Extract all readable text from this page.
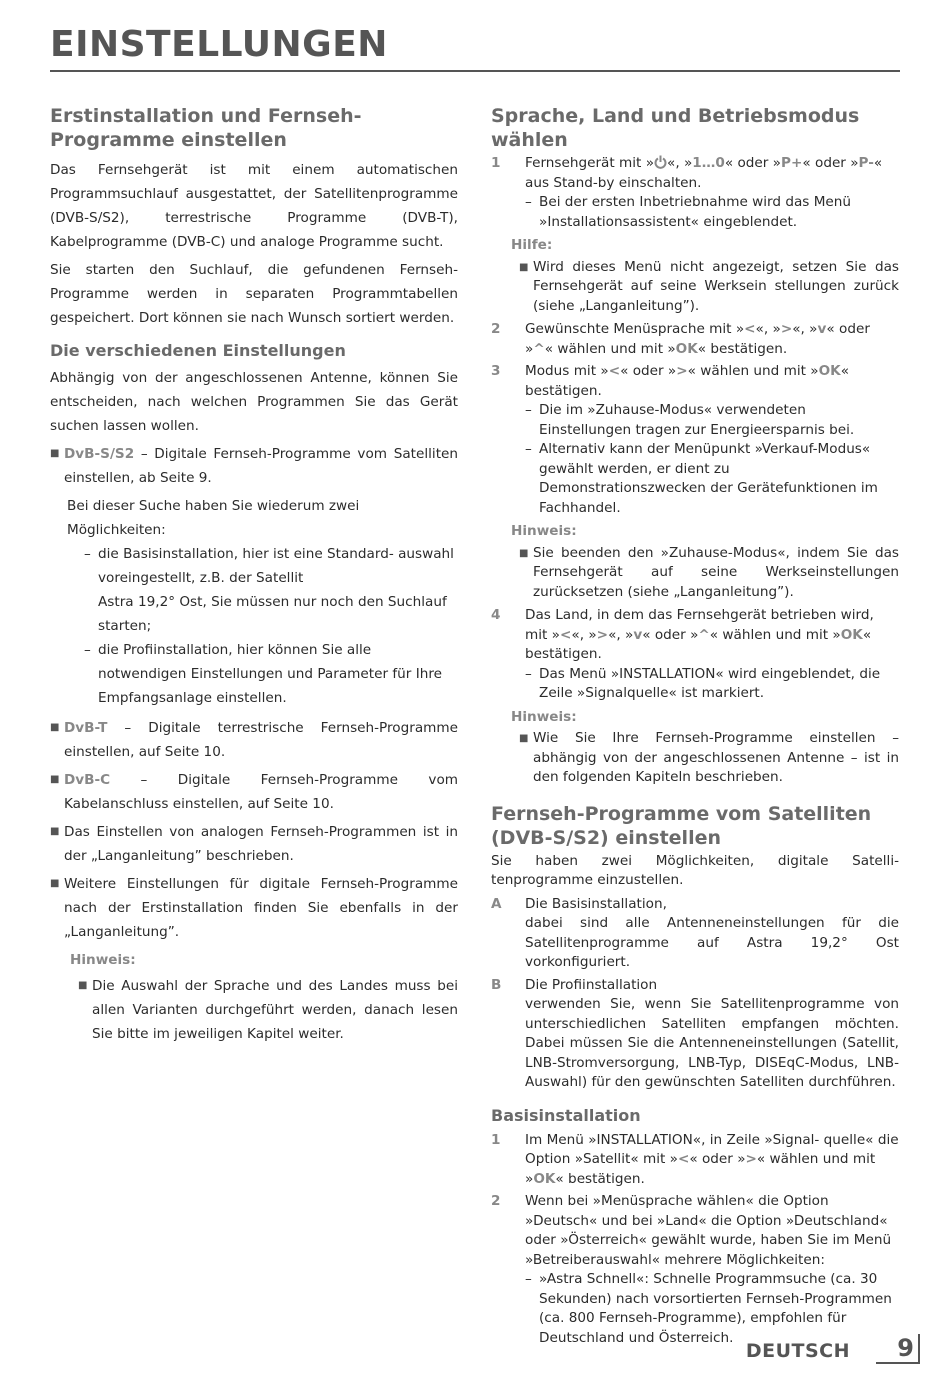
EINSTELLUNGEN
Erstinstallation und Fernseh-Programme einstellen

Das Fernsehgerät ist mit einem automatischen Programmsuchlauf ausgestattet, der Satellitenprogramme (DVB-S/S2), terrestrische Programme (DVB-T), Kabelprogramme (DVB-C) und analoge Programme sucht.

Sie starten den Suchlauf, die gefundenen Fernseh-Programme werden in separaten Programmtabellen gespeichert. Dort können sie nach Wunsch sortiert werden.

Die verschiedenen Einstellungen

Abhängig von der angeschlossenen Antenne, können Sie entscheiden, nach welchen Programmen Sie das Gerät suchen lassen wollen.

■ DvB-S/S2 – Digitale Fernseh-Programme vom Satelliten einstellen, ab Seite 9.
Bei dieser Suche haben Sie wiederum zwei Möglichkeiten:
– die Basisinstallation, hier ist eine Standard- auswahl voreingestellt, z.B. der Satellit
Astra 19,2° Ost, Sie müssen nur noch den Suchlauf starten;
– die Profiinstallation, hier können Sie alle notwendigen Einstellungen und Parameter für Ihre Empfangsanlage einstellen.
■ DvB-T – Digitale terrestrische Fernseh-Programme einstellen, auf Seite 10.
■ DvB-C – Digitale Fernseh-Programme vom Kabelanschluss einstellen, auf Seite 10.
■ Das Einstellen von analogen Fernseh-Programmen ist in der „Langanleitung” beschrieben.
■ Weitere Einstellungen für digitale Fernseh-Programme nach der Erstinstallation finden Sie ebenfalls in der „Langanleitung”.
Hinweis:
■ Die Auswahl der Sprache und des Landes muss bei allen Varianten durchgeführt werden, danach lesen Sie bitte im jeweiligen Kapitel weiter.
Sprache, Land und Betriebsmodus wählen
1 Fernsehgerät mit » «, »1…0« oder »P+« oder »P-« aus Stand-by einschalten.
– Bei der ersten Inbetriebnahme wird das Menü »Installationsassistent« eingeblendet.
Hilfe:
■ Wird dieses Menü nicht angezeigt, setzen Sie das Fernsehgerät auf seine Werksein stellungen zurück (siehe „Langanleitung”).
2 Gewünschte Menüsprache mit »<«, »>«, »v« oder »^« wählen und mit »OK« bestätigen.
3 Modus mit »<« oder »>« wählen und mit »OK« bestätigen.
– Die im »Zuhause-Modus« verwendeten Einstellungen tragen zur Energieersparnis bei.
– Alternativ kann der Menüpunkt »Verkauf-Modus« gewählt werden, er dient zu Demonstrationszwecken der Gerätefunktionen im Fachhandel.
Hinweis:
■ Sie beenden den »Zuhause-Modus«, indem Sie das Fernsehgerät auf seine Werkseinstellungen zurücksetzen (siehe „Langanleitung”).
4 Das Land, in dem das Fernsehgerät betrieben wird, mit »<«, »>«, »v« oder »^« wählen und mit »OK« bestätigen.
– Das Menü »INSTALLATION« wird eingeblendet, die Zeile »Signalquelle« ist markiert.
Hinweis:
■ Wie Sie Ihre Fernseh-Programme einstellen – abhängig von der angeschlossenen Antenne – ist in den folgenden Kapiteln beschrieben.
Fernseh-Programme vom Satelliten (DVB-S/S2) einstellen

Sie haben zwei Möglichkeiten, digitale Satelli-tenprogramme einzustellen.

A Die Basisinstallation,
dabei sind alle Antenneneinstellungen für die Satellitenprogramme auf Astra 19,2° Ost vorkonfiguriert.
B Die Profiinstallation
verwenden Sie, wenn Sie Satellitenprogramme von unterschiedlichen Satelliten empfangen möchten. Dabei müssen Sie die Antenneneinstellungen (Satellit, LNB-Stromversorgung, LNB-Typ, DISEqC-Modus, LNB-Auswahl) für den gewünschten Satelliten durchführen.
Basisinstallation
1 Im Menü »INSTALLATION«, in Zeile »Signal- quelle« die Option »Satellit« mit »<« oder »>« wählen und mit »OK« bestätigen.
2 Wenn bei »Menüsprache wählen« die Option »Deutsch« und bei »Land« die Option »Deutschland« oder »Österreich« gewählt wurde, haben Sie im Menü »Betreiberauswahl« mehrere Möglichkeiten:
– »Astra Schnell«: Schnelle Programmsuche (ca. 30 Sekunden) nach vorsortierten Fernseh-Programmen (ca. 800 Fernseh-Programme), empfohlen für Deutschland und Österreich.
DEUTSCH 9
